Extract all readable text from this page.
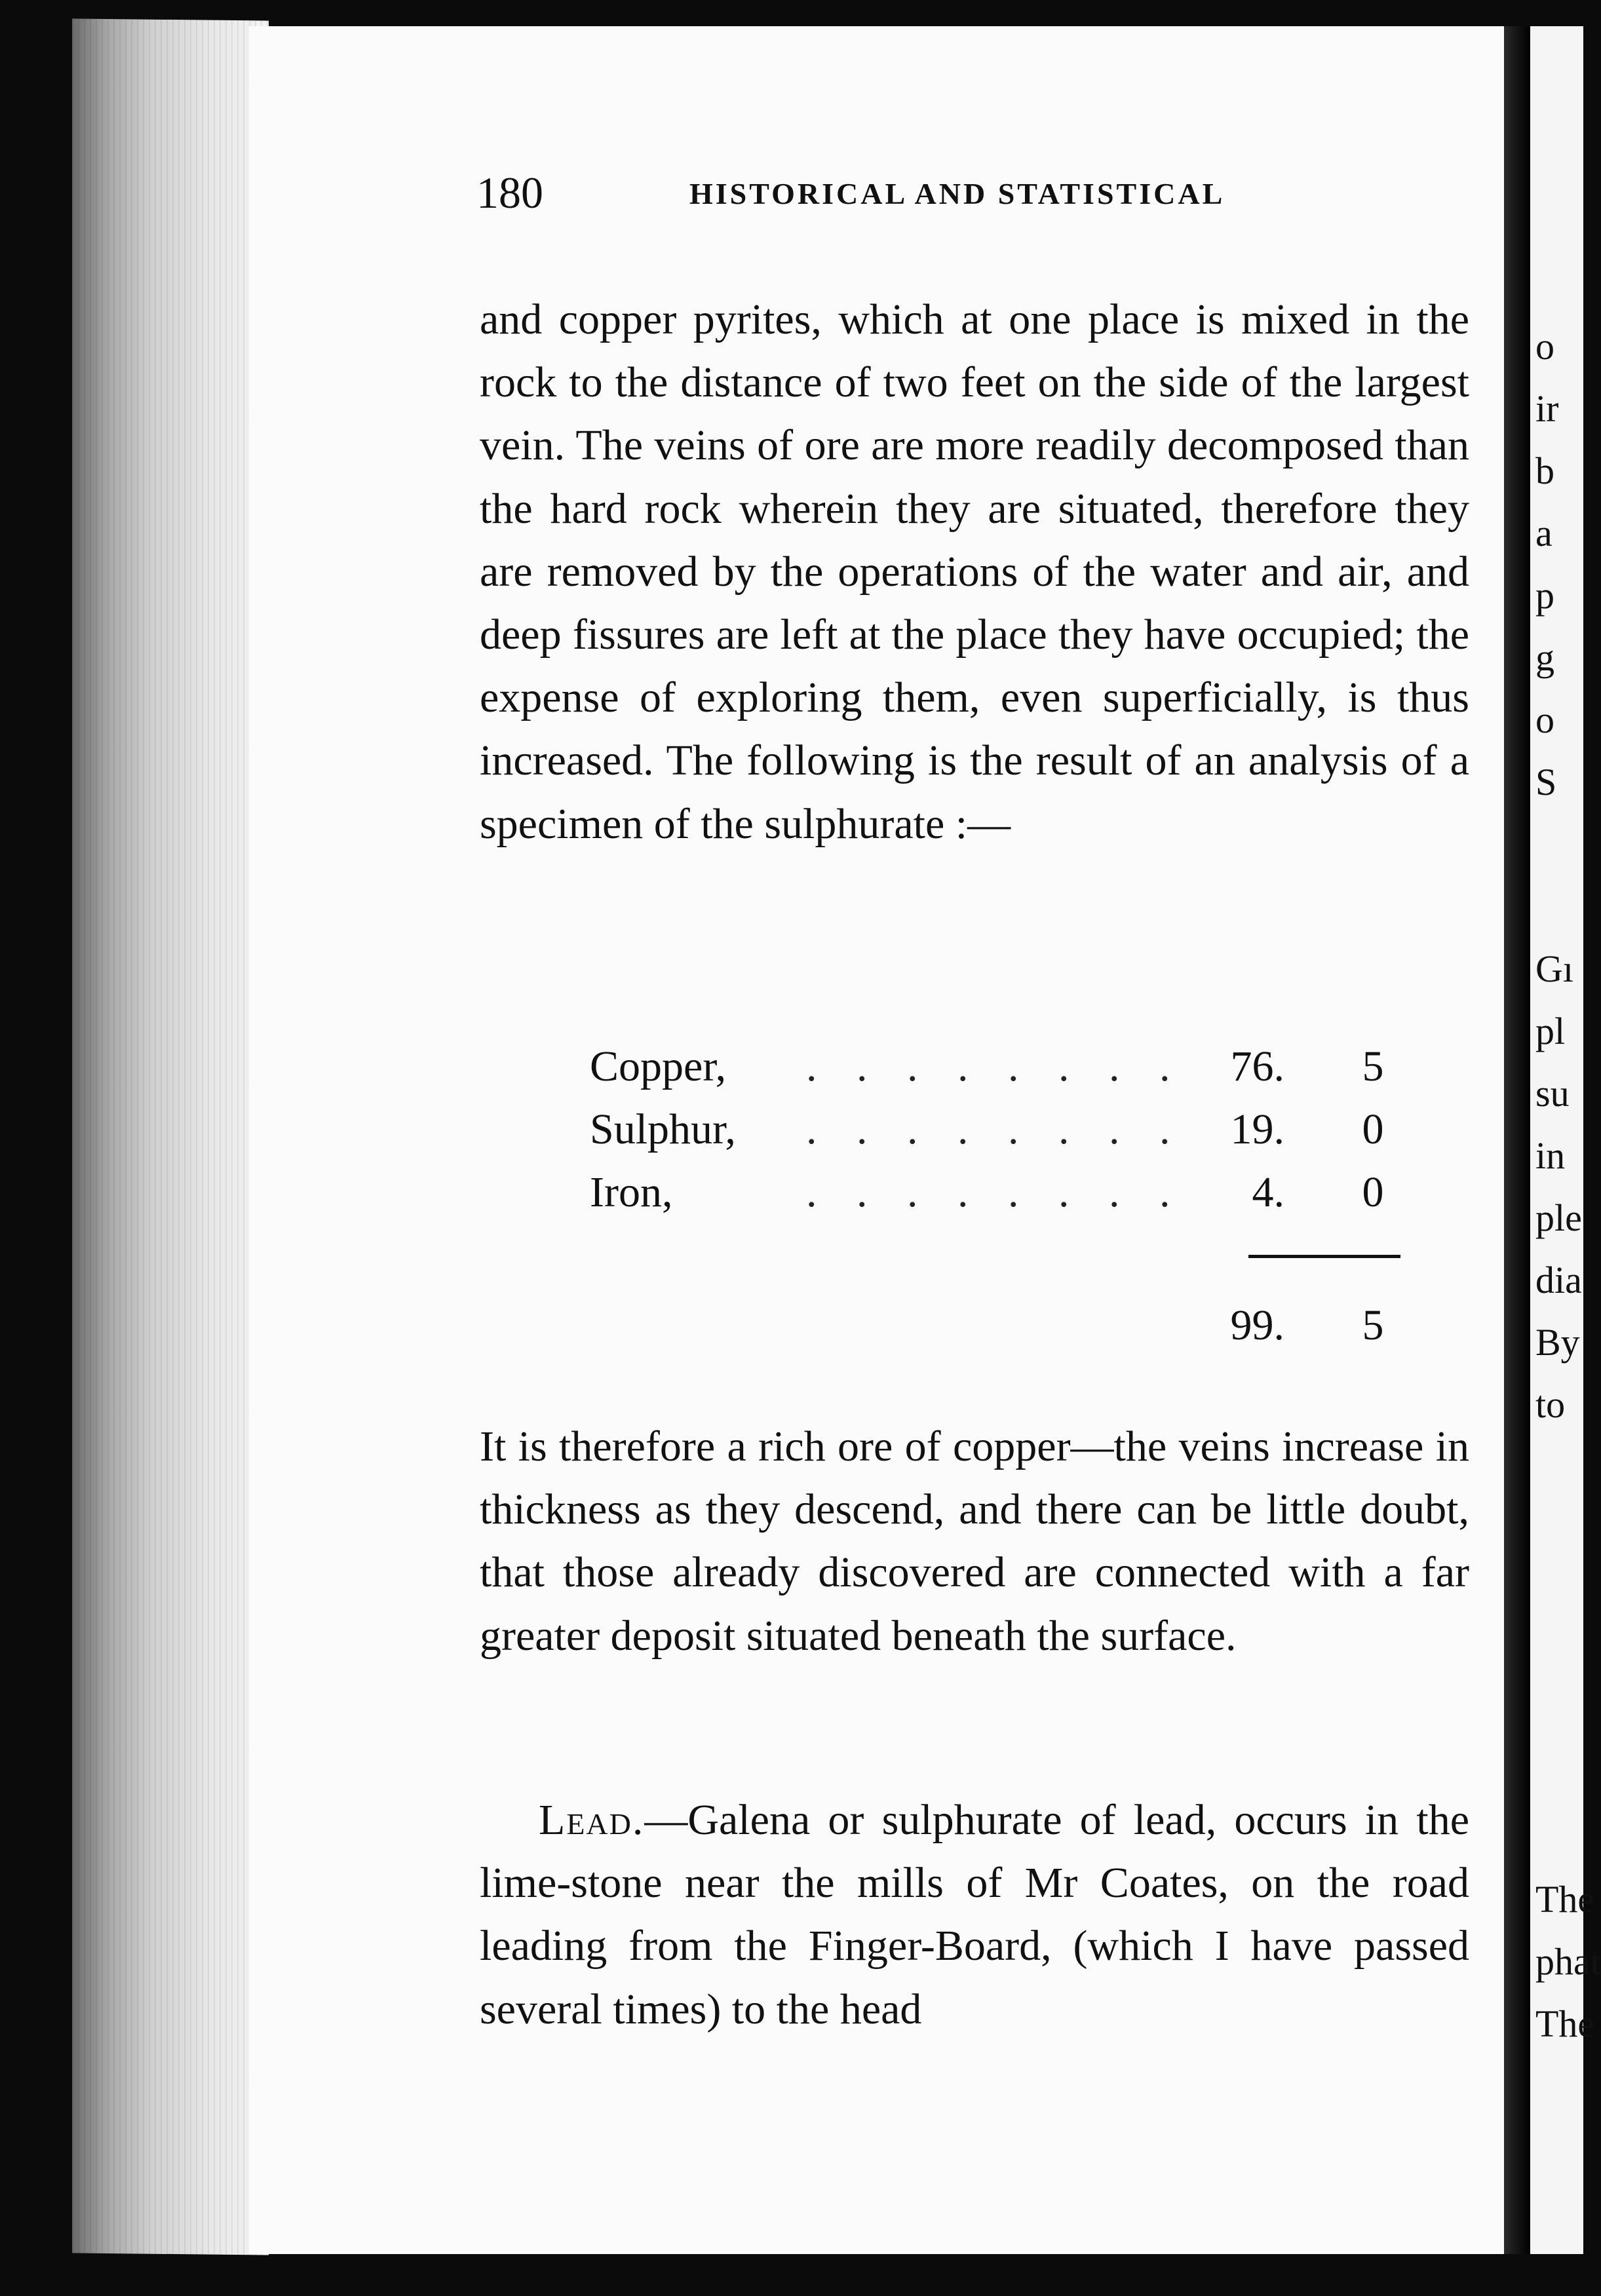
o
ir
b
a
p
g
o
S
Gı
pl
su
in
ple
dia
By
to
The
phat
The
180	HISTORICAL AND STATISTICAL
and copper pyrites, which at one place is mixed in the rock to the distance of two feet on the side of the largest vein. The veins of ore are more readily decomposed than the hard rock wherein they are situated, therefore they are removed by the operations of the water and air, and deep fissures are left at the place they have occupied; the expense of exploring them, even superficially, is thus increased. The following is the result of an analysis of a specimen of the sulphurate :—
Copper, . . . . . . . . 76.	5
Sulphur, . . . . . . . . 19.	0
Iron,	. . . . . . . . 4.	0
99.	5
It is therefore a rich ore of copper—the veins increase in thickness as they descend, and there can be little doubt, that those already discovered are connected with a far greater deposit situated beneath the surface.
Lead.—Galena or sulphurate of lead, occurs in the lime-stone near the mills of Mr Coates, on the road leading from the Finger-Board, (which I have passed several times) to the head
